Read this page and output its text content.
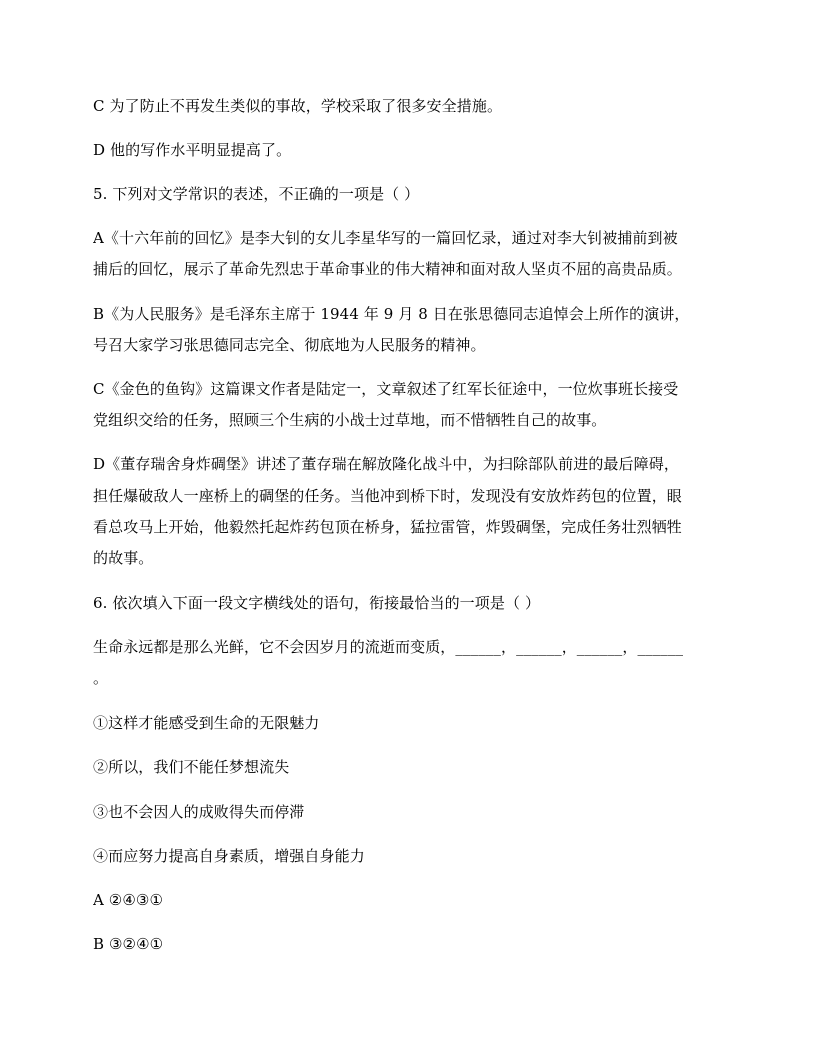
C 为了防止不再发生类似的事故，学校采取了很多安全措施。
D 他的写作水平明显提高了。
5. 下列对文学常识的表述，不正确的一项是（ ）
A《十六年前的回忆》是李大钊的女儿李星华写的一篇回忆录，通过对李大钊被捕前到被
捕后的回忆，展示了革命先烈忠于革命事业的伟大精神和面对敌人坚贞不屈的高贵品质。
B《为人民服务》是毛泽东主席于 1944 年 9 月 8 日在张思德同志追悼会上所作的演讲，
号召大家学习张思德同志完全、彻底地为人民服务的精神。
C《金色的鱼钩》这篇课文作者是陆定一，文章叙述了红军长征途中，一位炊事班长接受
党组织交给的任务，照顾三个生病的小战士过草地，而不惜牺牲自己的故事。
D《董存瑞舍身炸碉堡》讲述了董存瑞在解放隆化战斗中，为扫除部队前进的最后障碍，
担任爆破敌人一座桥上的碉堡的任务。当他冲到桥下时，发现没有安放炸药包的位置，眼
看总攻马上开始，他毅然托起炸药包顶在桥身，猛拉雷管，炸毁碉堡，完成任务壮烈牺牲
的故事。
6. 依次填入下面一段文字横线处的语句，衔接最恰当的一项是（ ）
生命永远都是那么光鲜，它不会因岁月的流逝而变质，______，______，______，______
。
①这样才能感受到生命的无限魅力
②所以，我们不能任梦想流失
③也不会因人的成败得失而停滞
④而应努力提高自身素质，增强自身能力
A ②④③①
B ③②④①
